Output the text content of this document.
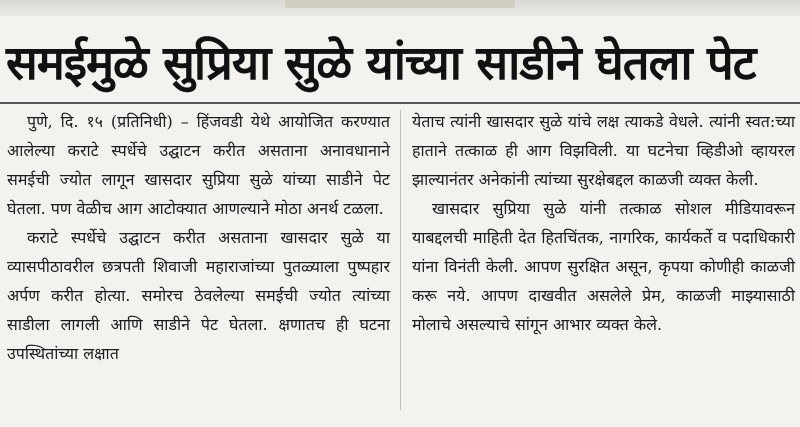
समईमुळे सुप्रिया सुळे यांच्या साडीने घेतला पेट

पुणे, दि. १५ (प्रतिनिधी) – हिंजवडी येथे आयोजित करण्यात आलेल्या कराटे स्पर्धेचे उद्घाटन करीत असताना अनावधानाने समईची ज्योत लागून खासदार सुप्रिया सुळे यांच्या साडीने पेट घेतला. पण वेळीच आग आटोक्यात आणल्याने मोठा अनर्थ टळला.

कराटे स्पर्धेचे उद्घाटन करीत असताना खासदार सुळे या व्यासपीठावरील छत्रपती शिवाजी महाराजांच्या पुतळ्याला पुष्पहार अर्पण करीत होत्या. समोरच ठेवलेल्या समईची ज्योत त्यांच्या साडीला लागली आणि साडीने पेट घेतला. क्षणातच ही घटना उपस्थितांच्या लक्षात

येताच त्यांनी खासदार सुळे यांचे लक्ष त्याकडे वेधले. त्यांनी स्वत:च्या हाताने तत्काळ ही आग विझविली. या घटनेचा व्हिडीओ व्हायरल झाल्यानंतर अनेकांनी त्यांच्या सुरक्षेबद्दल काळजी व्यक्त केली.

खासदार सुप्रिया सुळे यांनी तत्काळ सोशल मीडियावरून याबद्दलची माहिती देत हितचिंतक, नागरिक, कार्यकर्ते व पदाधिकारी यांना विनंती केली. आपण सुरक्षित असून, कृपया कोणीही काळजी करू नये. आपण दाखवीत असलेले प्रेम, काळजी माझ्यासाठी मोलाचे असल्याचे सांगून आभार व्यक्त केले.
